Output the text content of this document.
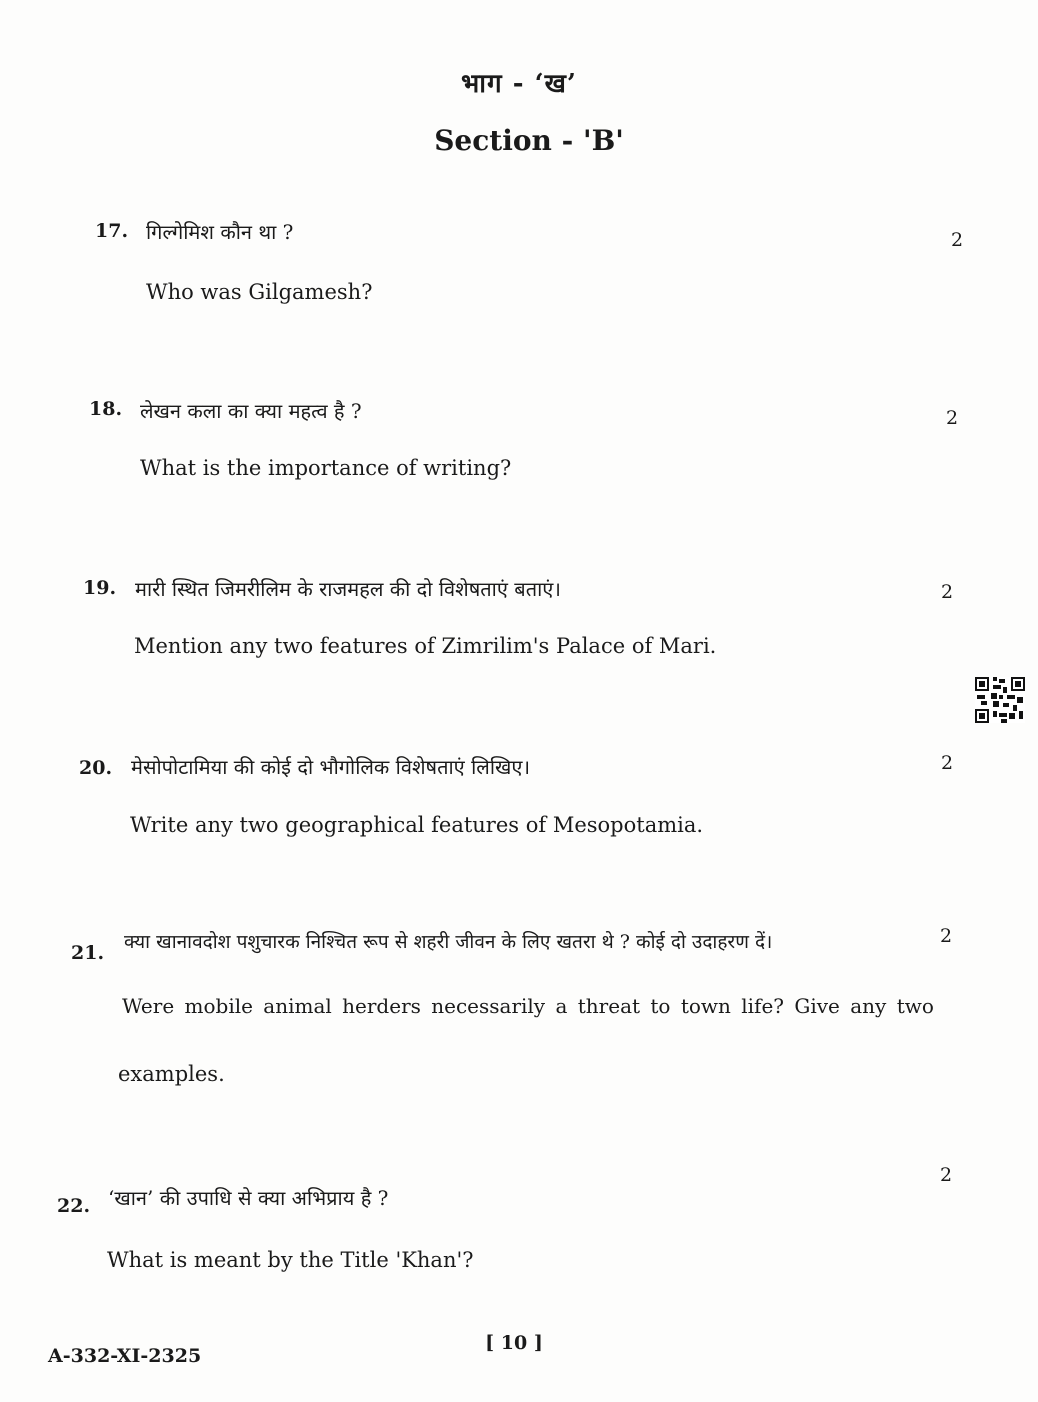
भाग - ‘ख’
Section - 'B'
17. गिल्गेमिश कौन था ?	2
Who was Gilgamesh?
18. लेखन कला का क्या महत्व है ?	2
What is the importance of writing?
19. मारी स्थित जिमरीलिम के राजमहल की दो विशेषताएं बताएं।	2
Mention any two features of Zimrilim's Palace of Mari.
20. मेसोपोटामिया की कोई दो भौगोलिक विशेषताएं लिखिए।	2
Write any two geographical features of Mesopotamia.
21. क्या खानावदोश पशुचारक निश्चित रूप से शहरी जीवन के लिए खतरा थे ? कोई दो उदाहरण दें।	2
Were mobile animal herders necessarily a threat to town life? Give any two
examples.
2
22. ‘खान’ की उपाधि से क्या अभिप्राय है ?
What is meant by the Title 'Khan'?
[ 10 ]
A-332-XI-2325
